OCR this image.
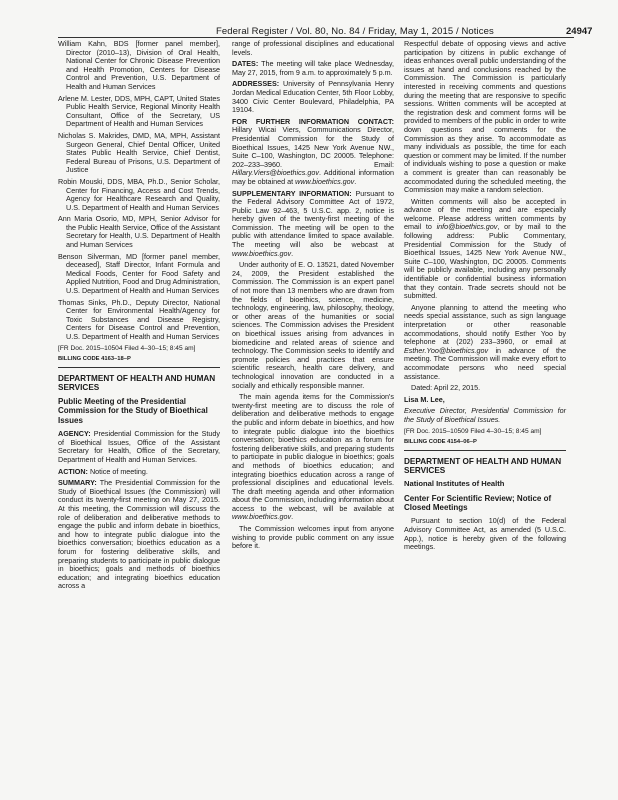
Federal Register / Vol. 80, No. 84 / Friday, May 1, 2015 / Notices	24947

William Kahn, BDS [former panel member], Director (2010–13), Division of Oral Health, National Center for Chronic Disease Prevention and Health Promotion, Centers for Disease Control and Prevention, U.S. Department of Health and Human Services

Arlene M. Lester, DDS, MPH, CAPT, United States Public Health Service, Regional Minority Health Consultant, Office of the Secretary, US Department of Health and Human Services

Nicholas S. Makrides, DMD, MA, MPH, Assistant Surgeon General, Chief Dental Officer, United States Public Health Service, Chief Dentist, Federal Bureau of Prisons, U.S. Department of Justice

Robin Mouski, DDS, MBA, Ph.D., Senior Scholar, Center for Financing, Access and Cost Trends, Agency for Healthcare Research and Quality, U.S. Department of Health and Human Services

Ann Maria Osorio, MD, MPH, Senior Advisor for the Public Health Service, Office of the Assistant Secretary for Health, U.S. Department of Health and Human Services

Benson Silverman, MD [former panel member, deceased], Staff Director, Infant Formula and Medical Foods, Center for Food Safety and Applied Nutrition, Food and Drug Administration, U.S. Department of Health and Human Services

Thomas Sinks, Ph.D., Deputy Director, National Center for Environmental Health/Agency for Toxic Substances and Disease Registry, Centers for Disease Control and Prevention, U.S. Department of Health and Human Services

[FR Doc. 2015–10504 Filed 4–30–15; 8:45 am]
BILLING CODE 4163–18–P
DEPARTMENT OF HEALTH AND HUMAN SERVICES
Public Meeting of the Presidential Commission for the Study of Bioethical Issues

AGENCY: Presidential Commission for the Study of Bioethical Issues, Office of the Assistant Secretary for Health, Office of the Secretary, Department of Health and Human Services.

ACTION: Notice of meeting.

SUMMARY: The Presidential Commission for the Study of Bioethical Issues (the Commission) will conduct its twenty-first meeting on May 27, 2015. At this meeting, the Commission will discuss the role of deliberation and deliberative methods to engage the public and inform debate in bioethics, and how to integrate public dialogue into the bioethics conversation; bioethics education as a forum for fostering deliberative skills, and preparing students to participate in public dialogue in bioethics; goals and methods of bioethics education; and integrating bioethics education across a

range of professional disciplines and educational levels.

DATES: The meeting will take place Wednesday, May 27, 2015, from 9 a.m. to approximately 5 p.m.

ADDRESSES: University of Pennsylvania Henry Jordan Medical Education Center, 5th Floor Lobby, 3400 Civic Center Boulevard, Philadelphia, PA 19104.

FOR FURTHER INFORMATION CONTACT: Hillary Wicai Viers, Communications Director, Presidential Commission for the Study of Bioethical Issues, 1425 New York Avenue NW., Suite C–100, Washington, DC 20005. Telephone: 202–233–3960. Email: Hillary.Viers@bioethics.gov. Additional information may be obtained at www.bioethics.gov.

SUPPLEMENTARY INFORMATION: Pursuant to the Federal Advisory Committee Act of 1972, Public Law 92–463, 5 U.S.C. app. 2, notice is hereby given of the twenty-first meeting of the Commission. The meeting will be open to the public with attendance limited to space available. The meeting will also be webcast at www.bioethics.gov.

Under authority of E. O. 13521, dated November 24, 2009, the President established the Commission. The Commission is an expert panel of not more than 13 members who are drawn from the fields of bioethics, science, medicine, technology, engineering, law, philosophy, theology, or other areas of the humanities or social sciences. The Commission advises the President on bioethical issues arising from advances in biomedicine and related areas of science and technology. The Commission seeks to identify and promote policies and practices that ensure scientific research, health care delivery, and technological innovation are conducted in a socially and ethically responsible manner.

The main agenda items for the Commission's twenty-first meeting are to discuss the role of deliberation and deliberative methods to engage the public and inform debate in bioethics, and how to integrate public dialogue into the bioethics conversation; bioethics education as a forum for fostering deliberative skills, and preparing students to participate in public dialogue in bioethics; goals and methods of bioethics education; and integrating bioethics education across a range of professional disciplines and educational levels. The draft meeting agenda and other information about the Commission, including information about access to the webcast, will be available at www.bioethics.gov.

The Commission welcomes input from anyone wishing to provide public comment on any issue before it.

Respectful debate of opposing views and active participation by citizens in public exchange of ideas enhances overall public understanding of the issues at hand and conclusions reached by the Commission. The Commission is particularly interested in receiving comments and questions during the meeting that are responsive to specific sessions. Written comments will be accepted at the registration desk and comment forms will be provided to members of the public in order to write down questions and comments for the Commission as they arise. To accommodate as many individuals as possible, the time for each question or comment may be limited. If the number of individuals wishing to pose a question or make a comment is greater than can reasonably be accommodated during the scheduled meeting, the Commission may make a random selection.

Written comments will also be accepted in advance of the meeting and are especially welcome. Please address written comments by email to info@bioethics.gov, or by mail to the following address: Public Commentary, Presidential Commission for the Study of Bioethical Issues, 1425 New York Avenue NW., Suite C–100, Washington, DC 20005. Comments will be publicly available, including any personally identifiable or confidential business information that they contain. Trade secrets should not be submitted.

Anyone planning to attend the meeting who needs special assistance, such as sign language interpretation or other reasonable accommodations, should notify Esther Yoo by telephone at (202) 233–3960, or email at Esther.Yoo@bioethics.gov in advance of the meeting. The Commission will make every effort to accommodate persons who need special assistance.

Dated: April 22, 2015.

Lisa M. Lee,

Executive Director, Presidential Commission for the Study of Bioethical Issues.

[FR Doc. 2015–10509 Filed 4–30–15; 8:45 am]
BILLING CODE 4154–06–P
DEPARTMENT OF HEALTH AND HUMAN SERVICES
National Institutes of Health
Center For Scientific Review; Notice of Closed Meetings

Pursuant to section 10(d) of the Federal Advisory Committee Act, as amended (5 U.S.C. App.), notice is hereby given of the following meetings.
